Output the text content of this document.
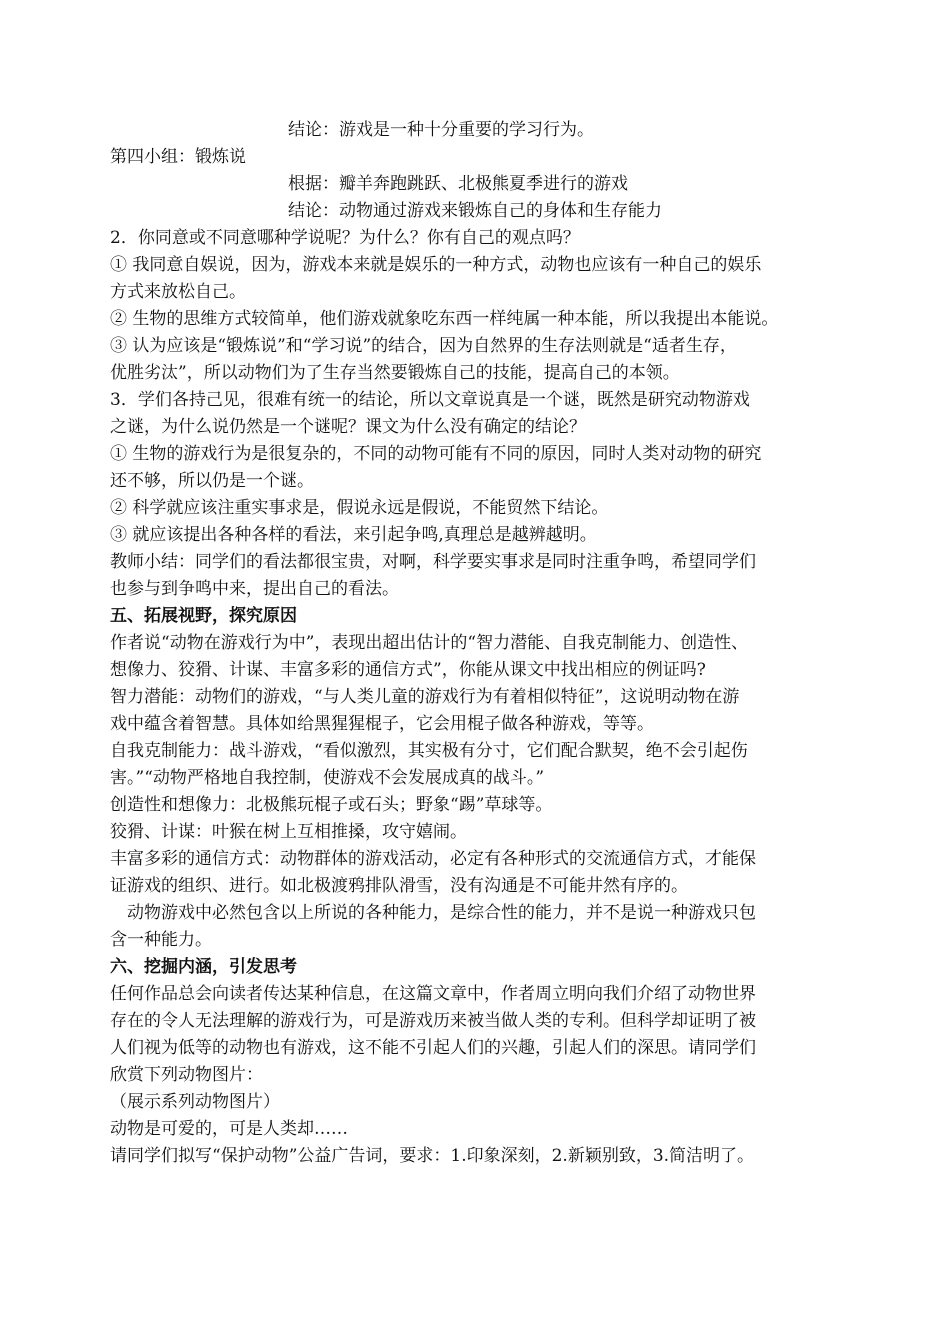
结论：游戏是一种十分重要的学习行为。
第四小组：锻炼说
根据：瓣羊奔跑跳跃、北极熊夏季进行的游戏
结论：动物通过游戏来锻炼自己的身体和生存能力
2．你同意或不同意哪种学说呢？为什么？你有自己的观点吗？
① 我同意自娱说，因为，游戏本来就是娱乐的一种方式，动物也应该有一种自己的娱乐
方式来放松自己。
② 生物的思维方式较简单，他们游戏就象吃东西一样纯属一种本能，所以我提出本能说。
③ 认为应该是“锻炼说”和“学习说”的结合，因为自然界的生存法则就是“适者生存，
优胜劣汰”，所以动物们为了生存当然要锻炼自己的技能，提高自己的本领。
3．学们各持己见，很难有统一的结论，所以文章说真是一个谜，既然是研究动物游戏
之谜，为什么说仍然是一个谜呢？课文为什么没有确定的结论？
① 生物的游戏行为是很复杂的，不同的动物可能有不同的原因，同时人类对动物的研究
还不够，所以仍是一个谜。
② 科学就应该注重实事求是，假说永远是假说，不能贸然下结论。
③ 就应该提出各种各样的看法，来引起争鸣,真理总是越辨越明。
教师小结：同学们的看法都很宝贵，对啊，科学要实事求是同时注重争鸣，希望同学们
也参与到争鸣中来，提出自己的看法。
五、拓展视野，探究原因
作者说“动物在游戏行为中”，表现出超出估计的“智力潜能、自我克制能力、创造性、
想像力、狡猾、计谋、丰富多彩的通信方式”，你能从课文中找出相应的例证吗?
智力潜能：动物们的游戏，“与人类儿童的游戏行为有着相似特征”，这说明动物在游
戏中蕴含着智慧。具体如给黑猩猩棍子，它会用棍子做各种游戏，等等。
自我克制能力：战斗游戏，“看似激烈，其实极有分寸，它们配合默契，绝不会引起伤
害。”“动物严格地自我控制，使游戏不会发展成真的战斗。”
创造性和想像力：北极熊玩棍子或石头；野象“踢”草球等。
狡猾、计谋：叶猴在树上互相推搡，攻守嬉闹。
丰富多彩的通信方式：动物群体的游戏活动，必定有各种形式的交流通信方式，才能保
证游戏的组织、进行。如北极渡鸦排队滑雪，没有沟通是不可能井然有序的。
动物游戏中必然包含以上所说的各种能力，是综合性的能力，并不是说一种游戏只包
含一种能力。
六、挖掘内涵，引发思考
任何作品总会向读者传达某种信息，在这篇文章中，作者周立明向我们介绍了动物世界
存在的令人无法理解的游戏行为，可是游戏历来被当做人类的专利。但科学却证明了被
人们视为低等的动物也有游戏，这不能不引起人们的兴趣，引起人们的深思。请同学们
欣赏下列动物图片：
（展示系列动物图片）
动物是可爱的，可是人类却……
请同学们拟写“保护动物”公益广告词，要求：1.印象深刻，2.新颖别致，3.简洁明了。
